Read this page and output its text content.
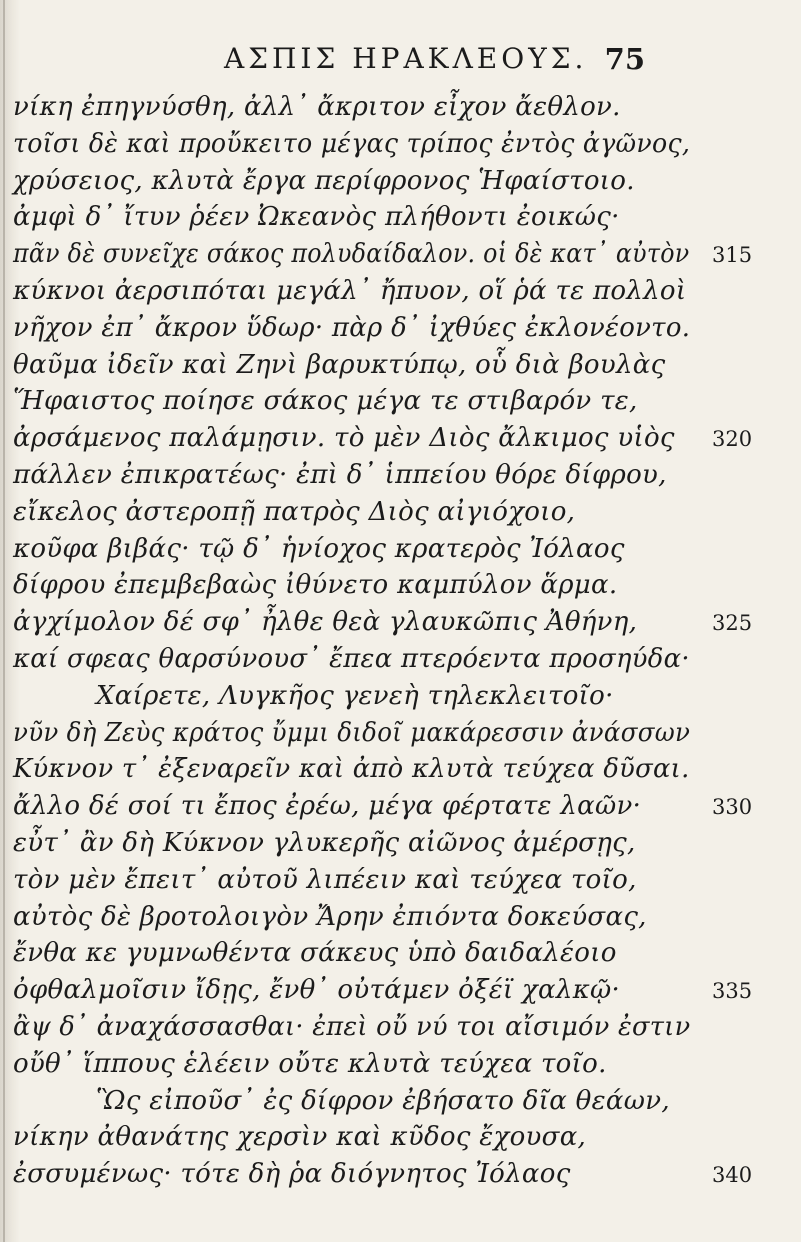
ΑΣΠΙΣ ΗΡΑΚΛΕΟΥΣ. 75
νίκη ἐπηγνύσθη, ἀλλ᾽ ἄκριτον εἶχον ἄεθλον.
τοῖσι δὲ καὶ προὔκειτο μέγας τρίπος ἐντὸς ἀγῶνος,
χρύσειος, κλυτὰ ἔργα περίφρονος Ἡφαίστοιο.
ἀμφὶ δ᾽ ἴτυν ῥέεν Ὠκεανὸς πλήθοντι ἐοικώς·
πᾶν δὲ συνεῖχε σάκος πολυδαίδαλον. οἱ δὲ κατ᾽ αὐτὸν 315
κύκνοι ἀερσιπόται μεγάλ᾽ ἤπυον, οἵ ῥά τε πολλοὶ
νῆχον ἐπ᾽ ἄκρον ὕδωρ· πὰρ δ᾽ ἰχθύες ἐκλονέοντο.
θαῦμα ἰδεῖν καὶ Ζηνὶ βαρυκτύπῳ, οὗ διὰ βουλὰς
Ἥφαιστος ποίησε σάκος μέγα τε στιβαρόν τε,
ἀρσάμενος παλάμῃσιν. τὸ μὲν Διὸς ἄλκιμος υἱὸς 320
πάλλεν ἐπικρατέως· ἐπὶ δ᾽ ἱππείου θόρε δίφρου,
εἴκελος ἀστεροπῇ πατρὸς Διὸς αἰγιόχοιο,
κοῦφα βιβάς· τῷ δ᾽ ἡνίοχος κρατερὸς Ἰόλαος
δίφρου ἐπεμβεβαὼς ἰθύνετο καμπύλον ἅρμα.
ἀγχίμολον δέ σφ᾽ ἦλθε θεὰ γλαυκῶπις Ἀθήνη,	325
καί σφεας θαρσύνουσ᾽ ἔπεα πτερόεντα προσηύδα·
Χαίρετε, Λυγκῆος γενεὴ τηλεκλειτοῖο·
νῦν δὴ Ζεὺς κράτος ὔμμι διδοῖ μακάρεσσιν ἀνάσσων
Κύκνον τ᾽ ἐξεναρεῖν καὶ ἀπὸ κλυτὰ τεύχεα δῦσαι.
ἄλλο δέ σοί τι ἔπος ἐρέω, μέγα φέρτατε λαῶν·	330
εὖτ᾽ ἂν δὴ Κύκνον γλυκερῆς αἰῶνος ἀμέρσῃς,
τὸν μὲν ἔπειτ᾽ αὐτοῦ λιπέειν καὶ τεύχεα τοῖο,
αὐτὸς δὲ βροτολοιγὸν Ἄρην ἐπιόντα δοκεύσας,
ἔνθα κε γυμνωθέντα σάκευς ὑπὸ δαιδαλέοιο
ὀφθαλμοῖσιν ἴδῃς, ἔνθ᾽ οὐτάμεν ὀξέϊ χαλκῷ·	335
ἂψ δ᾽ ἀναχάσσασθαι· ἐπεὶ οὔ νύ τοι αἴσιμόν ἐστιν
οὔθ᾽ ἵππους ἑλέειν οὔτε κλυτὰ τεύχεα τοῖο.
Ὣς εἰποῦσ᾽ ἐς δίφρον ἐβήσατο δῖα θεάων,
νίκην ἀθανάτης χερσὶν καὶ κῦδος ἔχουσα,
ἐσσυμένως· τότε δὴ ῥα διόγνητος Ἰόλαος	340
